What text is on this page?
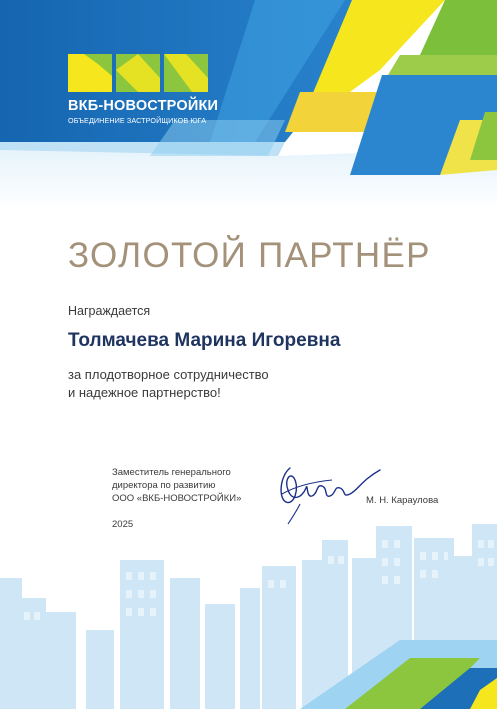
ВКБ-НОВОСТРОЙКИ
ОБЪЕДИНЕНИЕ ЗАСТРОЙЩИКОВ ЮГА
ЗОЛОТОЙ ПАРТНЁР
Награждается
Толмачева Марина Игоревна
за плодотворное сотрудничество
и надежное партнерство!
Заместитель генерального
директора по развитию
ООО «ВКБ-НОВОСТРОЙКИ»	М. Н. Караулова
2025
